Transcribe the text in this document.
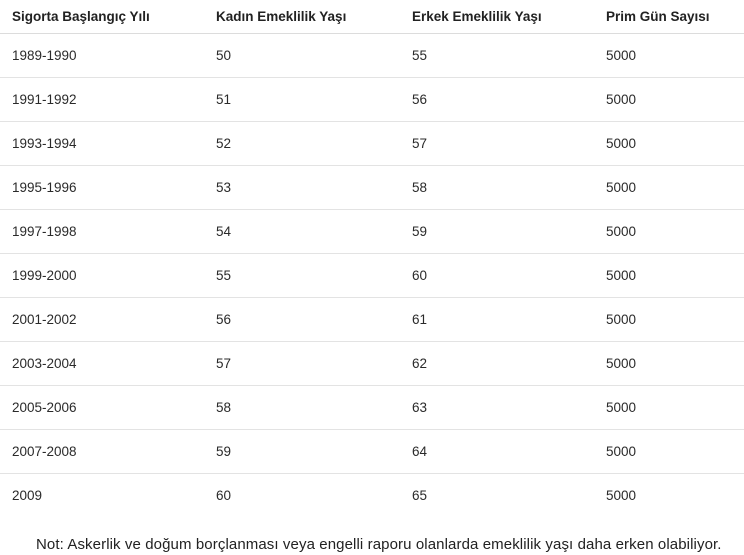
Sigorta Başlangıç Yılı	Kadın Emeklilik Yaşı	Erkek Emeklilik Yaşı	Prim Gün Sayısı
1989-1990	50	55	5000
1991-1992	51	56	5000
1993-1994	52	57	5000
1995-1996	53	58	5000
1997-1998	54	59	5000
1999-2000	55	60	5000
2001-2002	56	61	5000
2003-2004	57	62	5000
2005-2006	58	63	5000
2007-2008	59	64	5000
2009	60	65	5000
Not: Askerlik ve doğum borçlanması veya engelli raporu olanlarda emeklilik yaşı daha erken olabiliyor.
